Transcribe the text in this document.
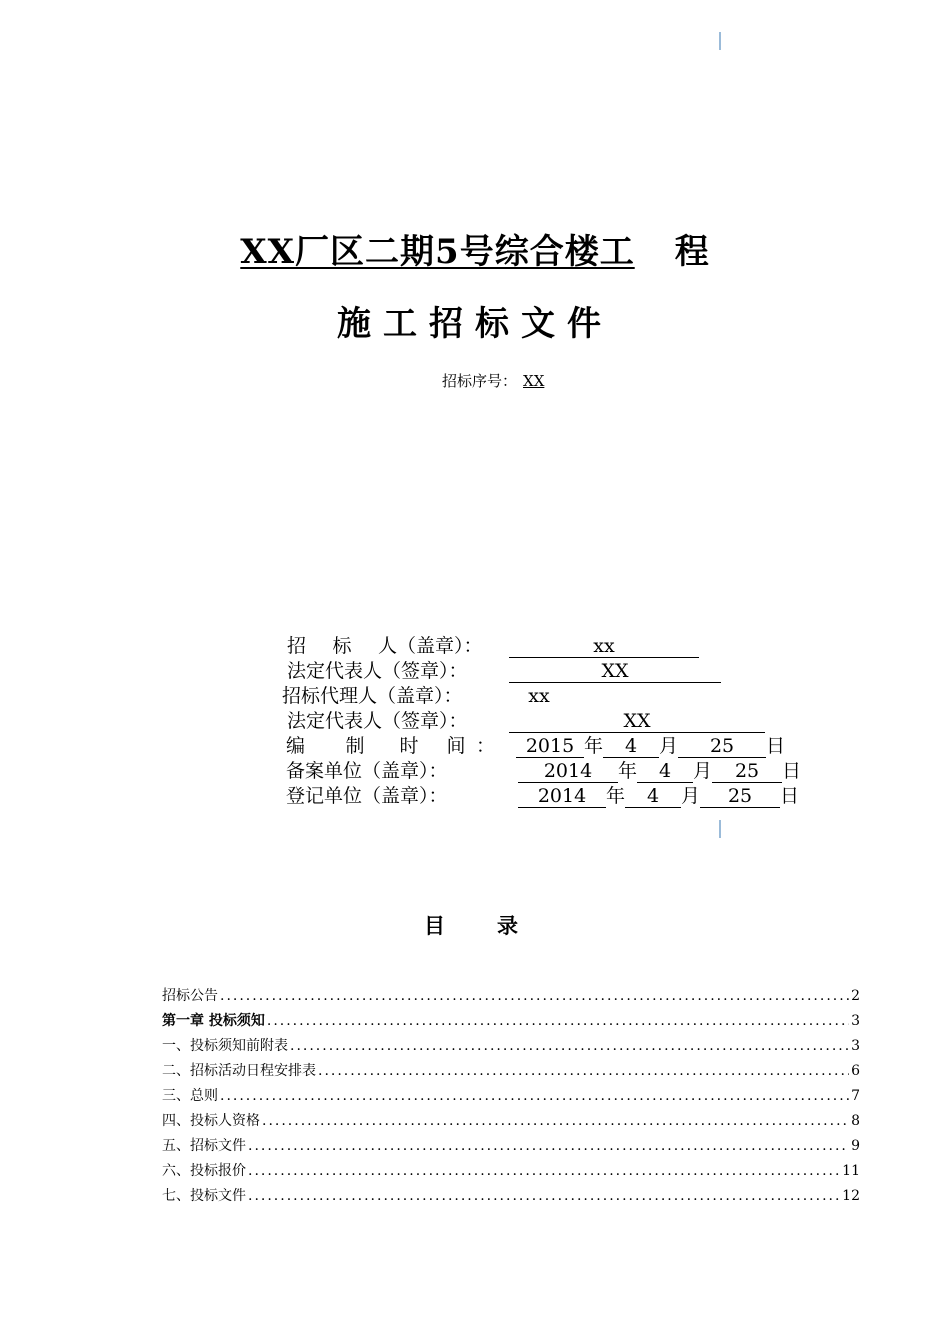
XX厂区二期5号综合楼工 程
施工招标文件
招标序号： XX
招 标 人（盖章）：	xx
法定代表人（签章）：	XX
招标代理人（盖章）：	xx
法定代表人（签章）：	XX
编 制 时 间 ： 2015 年 4 月 25 日
备案单位（盖章）：	2014 年 4 月 25 日
登记单位（盖章）：	2014 年 4 月 25 日
目录
招标公告 .....	2
第一章 投标须知 .....	3
一、投标须知前附表 .....	3
二、招标活动日程安排表 .....	6
三、总则 .....	7
四、投标人资格 .....	8
五、招标文件 .....	9
六、投标报价 .....	11
七、投标文件 .....	12
